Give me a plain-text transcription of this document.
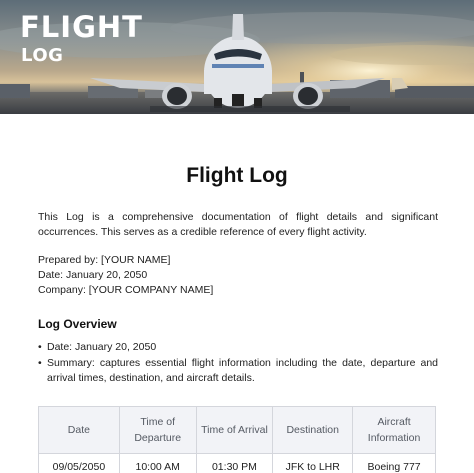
FLIGHT
LOG
Flight Log

This Log is a comprehensive documentation of flight details and significant occurrences. This serves as a credible reference of every flight activity.

Prepared by: [YOUR NAME]
Date: January 20, 2050
Company: [YOUR COMPANY NAME]
Log Overview
• Date: January 20, 2050
• Summary: captures essential flight information including the date, departure and arrival times, destination, and aircraft details.
Date	Time of Departure	Time of Arrival	Destination	Aircraft Information
09/05/2050	10:00 AM	01:30 PM	JFK to LHR	Boeing 777
